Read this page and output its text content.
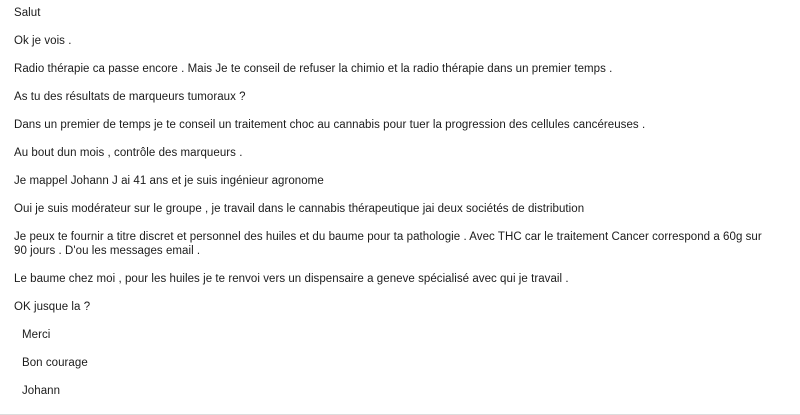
Salut

Ok je vois .

Radio thérapie ca passe encore . Mais Je te conseil de refuser la chimio et la radio thérapie dans un premier temps .

As tu des résultats de marqueurs tumoraux ?

Dans un premier de temps je te conseil un traitement choc au cannabis pour tuer la progression des cellules cancéreuses .

Au bout dun mois , contrôle des marqueurs .

Je mappel Johann J ai 41 ans et je suis ingénieur agronome

Oui je suis modérateur sur le groupe , je travail dans le cannabis thérapeutique jai deux sociétés de distribution

Je peux te fournir a titre discret et personnel des huiles et du baume pour ta pathologie . Avec THC car le traitement Cancer correspond a 60g sur 90 jours . D'ou les messages email .

Le baume chez moi , pour les huiles je te renvoi vers un dispensaire a geneve spécialisé avec qui je travail .

OK jusque la ?

Merci

Bon courage

Johann
